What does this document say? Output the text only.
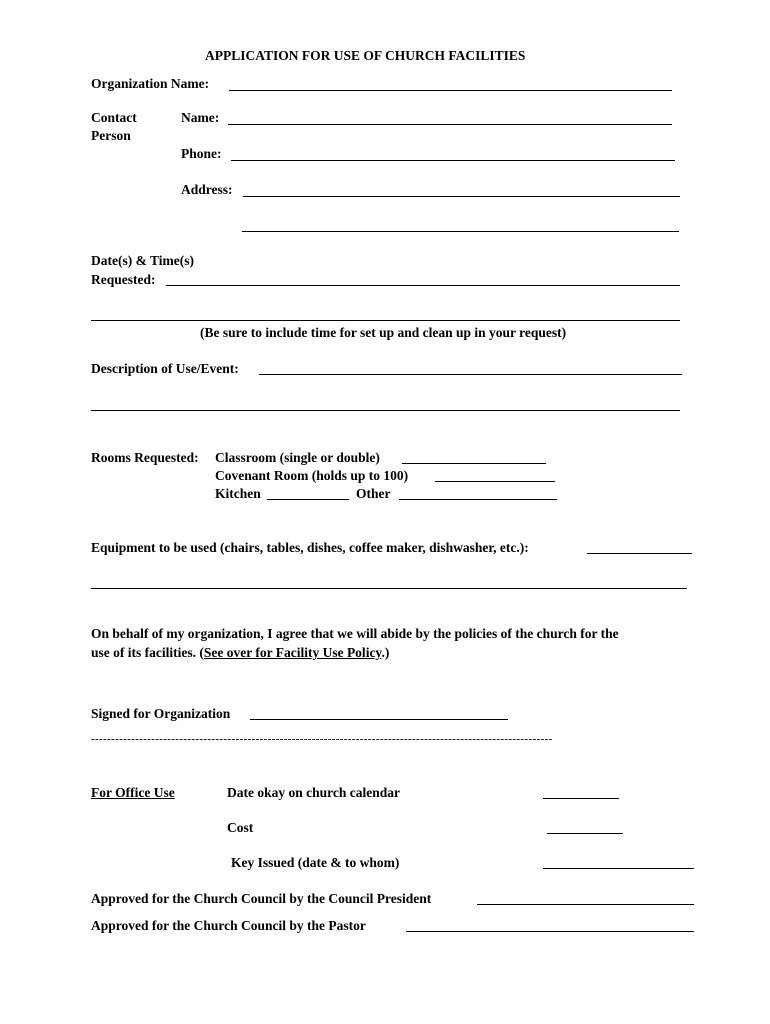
APPLICATION FOR USE OF CHURCH FACILITIES
Organization Name:
Contact
Person
Name:
Phone:
Address:
Date(s) & Time(s)
Requested:
(Be sure to include time for set up and clean up in your request)
Description of Use/Event:
Rooms Requested: Classroom (single or double)
Covenant Room (holds up to 100)
Kitchen	Other
Equipment to be used (chairs, tables, dishes, coffee maker, dishwasher, etc.):
On behalf of my organization, I agree that we will abide by the policies of the church for the
use of its facilities. (See over for Facility Use Policy.)
Signed for Organization
-------------------------------------------------------------------------------------------------------------------
For Office Use	Date okay on church calendar
Cost
Key Issued (date & to whom)
Approved for the Church Council by the Council President
Approved for the Church Council by the Pastor
